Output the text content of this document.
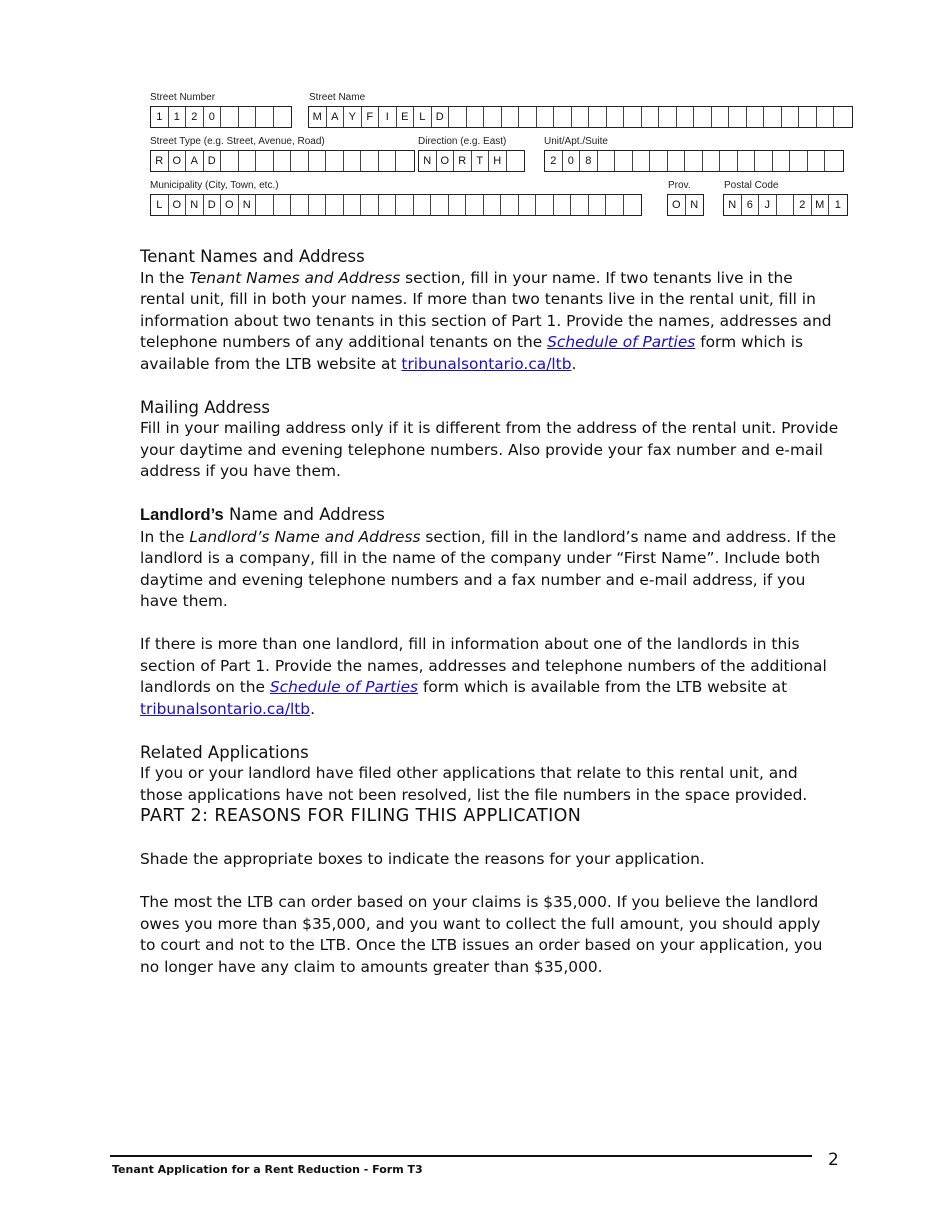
Street Number
1	1	2	0
Street Name
M A Y F	I	E L D
Street Type (e.g. Street, Avenue, Road)
R O A D
Direction (e.g. East)
N O R T H
Unit/Apt./Suite
2	0	8
Municipality (City, Town, etc.)
L O N D O N
Prov.
O N
Postal Code
N 6	J	2 M 1

Tenant Names and Address

In the Tenant Names and Address section, fill in your name. If two tenants live in the rental unit, fill in both your names. If more than two tenants live in the rental unit, fill in information about two tenants in this section of Part 1. Provide the names, addresses and telephone numbers of any additional tenants on the Schedule of Parties form which is available from the LTB website at tribunalsontario.ca/ltb.

Mailing Address

Fill in your mailing address only if it is different from the address of the rental unit. Provide your daytime and evening telephone numbers. Also provide your fax number and e-mail address if you have them.

Landlord’s Name and Address

In the Landlord’s Name and Address section, fill in the landlord’s name and address. If the landlord is a company, fill in the name of the company under “First Name”. Include both daytime and evening telephone numbers and a fax number and e-mail address, if you have them.

If there is more than one landlord, fill in information about one of the landlords in this section of Part 1. Provide the names, addresses and telephone numbers of the additional landlords on the Schedule of Parties form which is available from the LTB website at tribunalsontario.ca/ltb.

Related Applications

If you or your landlord have filed other applications that relate to this rental unit, and those applications have not been resolved, list the file numbers in the space provided.

PART 2: REASONS FOR FILING THIS APPLICATION

Shade the appropriate boxes to indicate the reasons for your application.

The most the LTB can order based on your claims is $35,000. If you believe the landlord owes you more than $35,000, and you want to collect the full amount, you should apply to court and not to the LTB. Once the LTB issues an order based on your application, you no longer have any claim to amounts greater than $35,000.

Tenant Application for a Rent Reduction - Form T3	2
